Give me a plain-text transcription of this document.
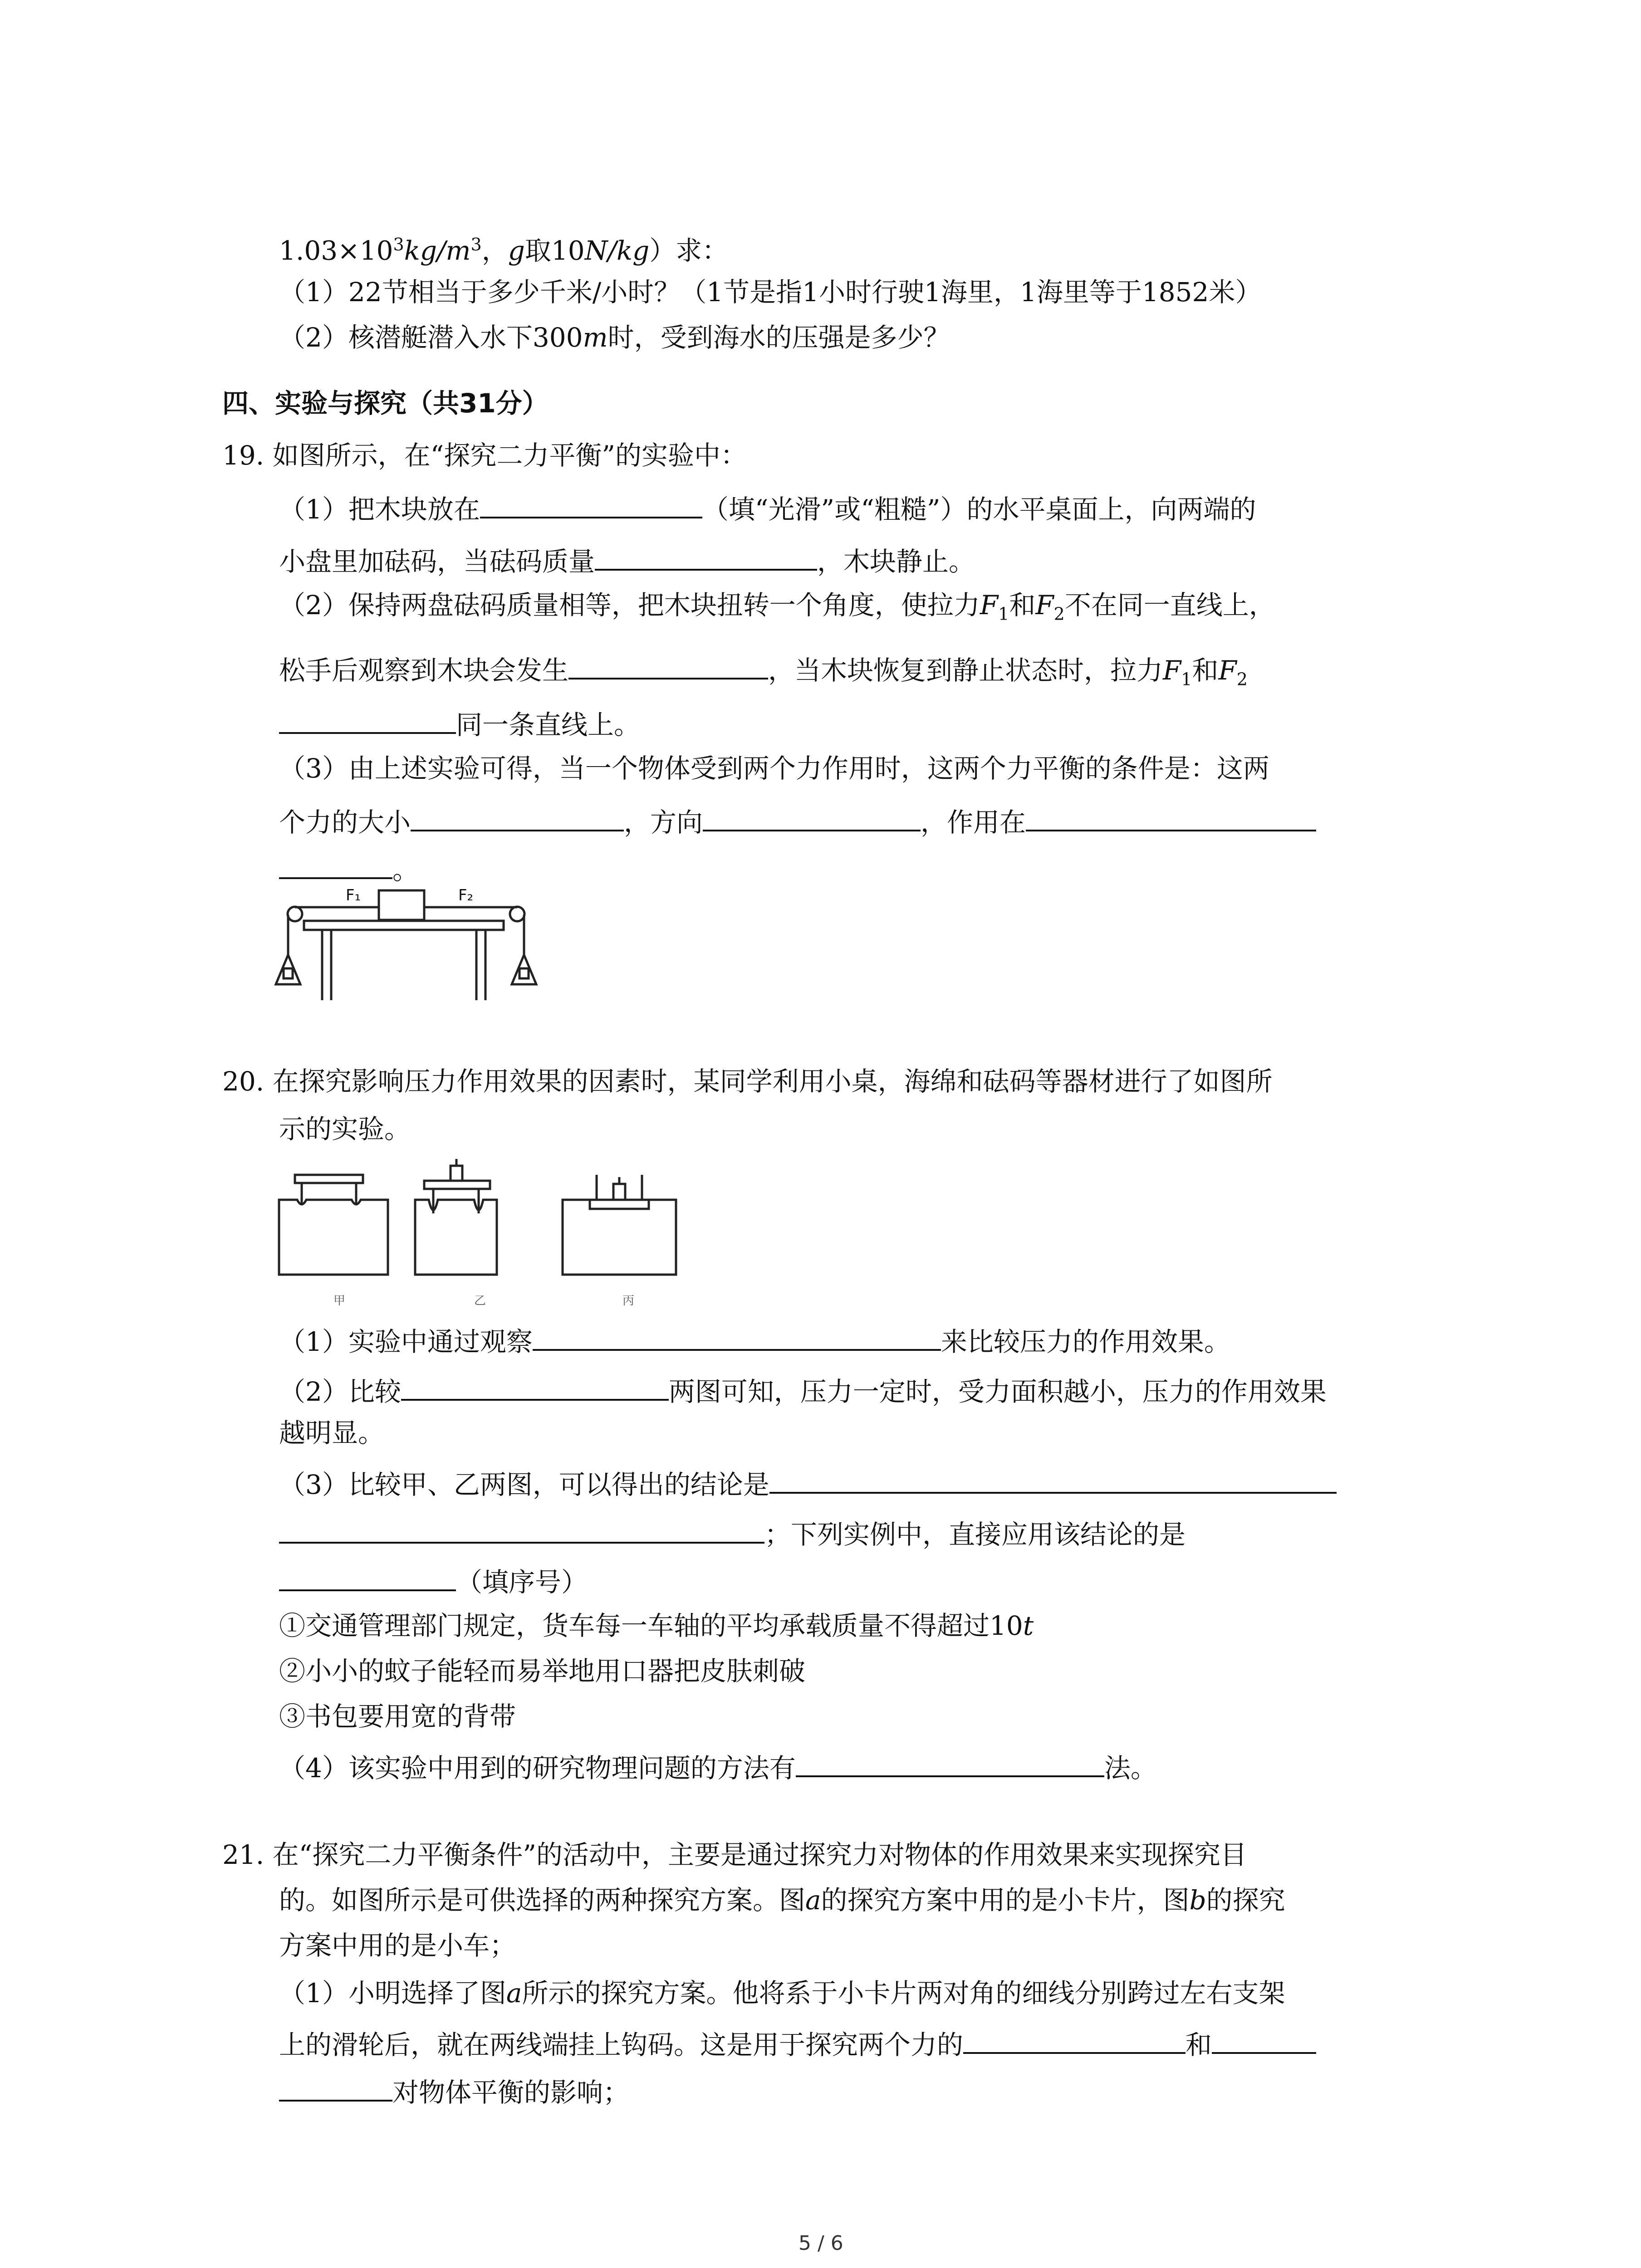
$1.03\times 10^3kg/m^3$，g取10N/kg）求：
（1）22节相当于多少千米/小时？（1节是指1小时行驶1海里，1海里等于1852米）
（2）核潜艇潜入水下300m时，受到海水的压强是多少？
四、实验与探究（共31分）
19. 如图所示，在“探究二力平衡”的实验中：
（1）把木块放在	（填“光滑”或“粗糙”）的水平桌面上，向两端的
小盘里加砝码，当砝码质量	，木块静止。
（2）保持两盘砝码质量相等，把木块扭转一个角度，使拉力$F_1$和$F_2$不在同一直线上，
松手后观察到木块会发生	，当木块恢复到静止状态时，拉力$F_1$和$F_2$
同一条直线上。
（3）由上述实验可得，当一个物体受到两个力作用时，这两个力平衡的条件是：这两
个力的大小	，方向	，作用在
。
F₁	F₂
20. 在探究影响压力作用效果的因素时，某同学利用小桌，海绵和砝码等器材进行了如图所
示的实验。
甲	乙	丙
（1）实验中通过观察	来比较压力的作用效果。
（2）比较	两图可知，压力一定时，受力面积越小，压力的作用效果
越明显。
（3）比较甲、乙两图，可以得出的结论是
；下列实例中，直接应用该结论的是
（填序号）
①交通管理部门规定，货车每一车轴的平均承载质量不得超过10t
②小小的蚊子能轻而易举地用口器把皮肤刺破
③书包要用宽的背带
（4）该实验中用到的研究物理问题的方法有	法。
21. 在“探究二力平衡条件”的活动中，主要是通过探究力对物体的作用效果来实现探究目
的。如图所示是可供选择的两种探究方案。图a的探究方案中用的是小卡片，图b的探究
方案中用的是小车；
（1）小明选择了图a所示的探究方案。他将系于小卡片两对角的细线分别跨过左右支架
上的滑轮后，就在两线端挂上钩码。这是用于探究两个力的	和
对物体平衡的影响；
5 / 6
